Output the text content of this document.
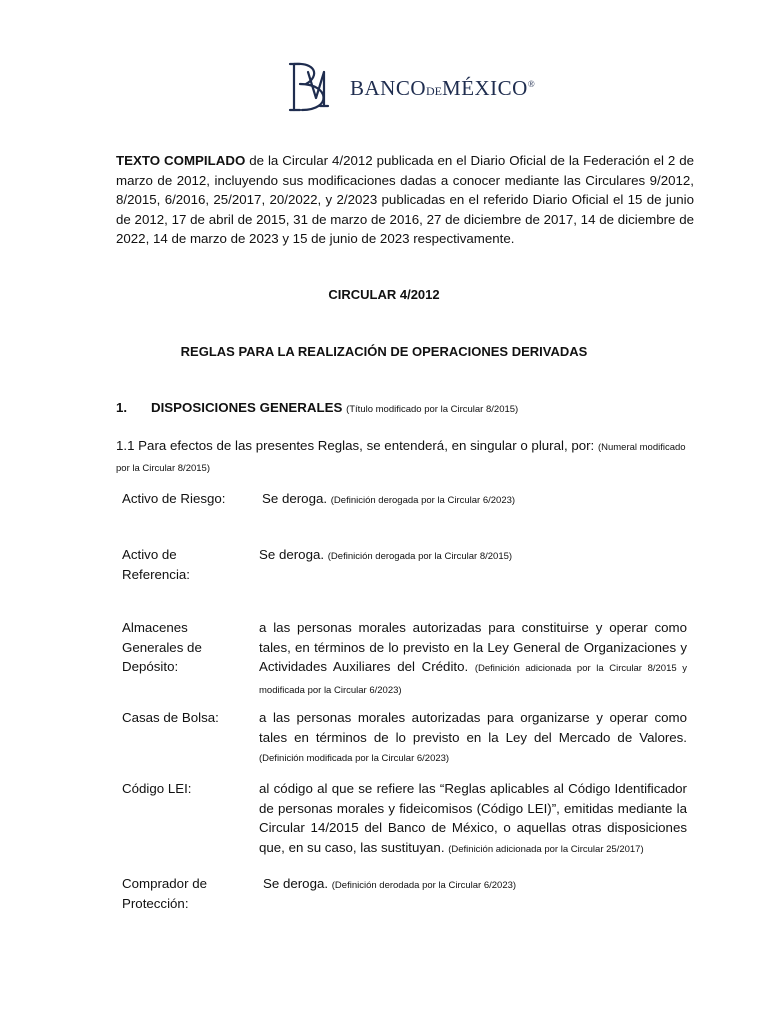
BANCODEMÉXICO®
TEXTO COMPILADO de la Circular 4/2012 publicada en el Diario Oficial de la Federación el 2 de marzo de 2012, incluyendo sus modificaciones dadas a conocer mediante las Circulares 9/2012, 8/2015, 6/2016, 25/2017, 20/2022, y 2/2023 publicadas en el referido Diario Oficial el 15 de junio de 2012, 17 de abril de 2015, 31 de marzo de 2016, 27 de diciembre de 2017, 14 de diciembre de 2022, 14 de marzo de 2023 y 15 de junio de 2023 respectivamente.
CIRCULAR 4/2012
REGLAS PARA LA REALIZACIÓN DE OPERACIONES DERIVADAS
1. DISPOSICIONES GENERALES (Título modificado por la Circular 8/2015)
1.1 Para efectos de las presentes Reglas, se entenderá, en singular o plural, por: (Numeral modificado por la Circular 8/2015)
Activo de Riesgo:	Se deroga. (Definición derogada por la Circular 6/2023)
Activo de Referencia:
Se deroga. (Definición derogada por la Circular 8/2015)
Almacenes Generales de Depósito:
a las personas morales autorizadas para constituirse y operar como tales, en términos de lo previsto en la Ley General de Organizaciones y Actividades Auxiliares del Crédito. (Definición adicionada por la Circular 8/2015 y modificada por la Circular 6/2023)
Casas de Bolsa:	a las personas morales autorizadas para organizarse y operar como tales en términos de lo previsto en la Ley del Mercado de Valores. (Definición modificada por la Circular 6/2023)
Código LEI:	al código al que se refiere las “Reglas aplicables al Código Identificador de personas morales y fideicomisos (Código LEI)”, emitidas mediante la Circular 14/2015 del Banco de México, o aquellas otras disposiciones que, en su caso, las sustituyan. (Definición adicionada por la Circular 25/2017)
Comprador de Protección:
Se deroga. (Definición derodada por la Circular 6/2023)
